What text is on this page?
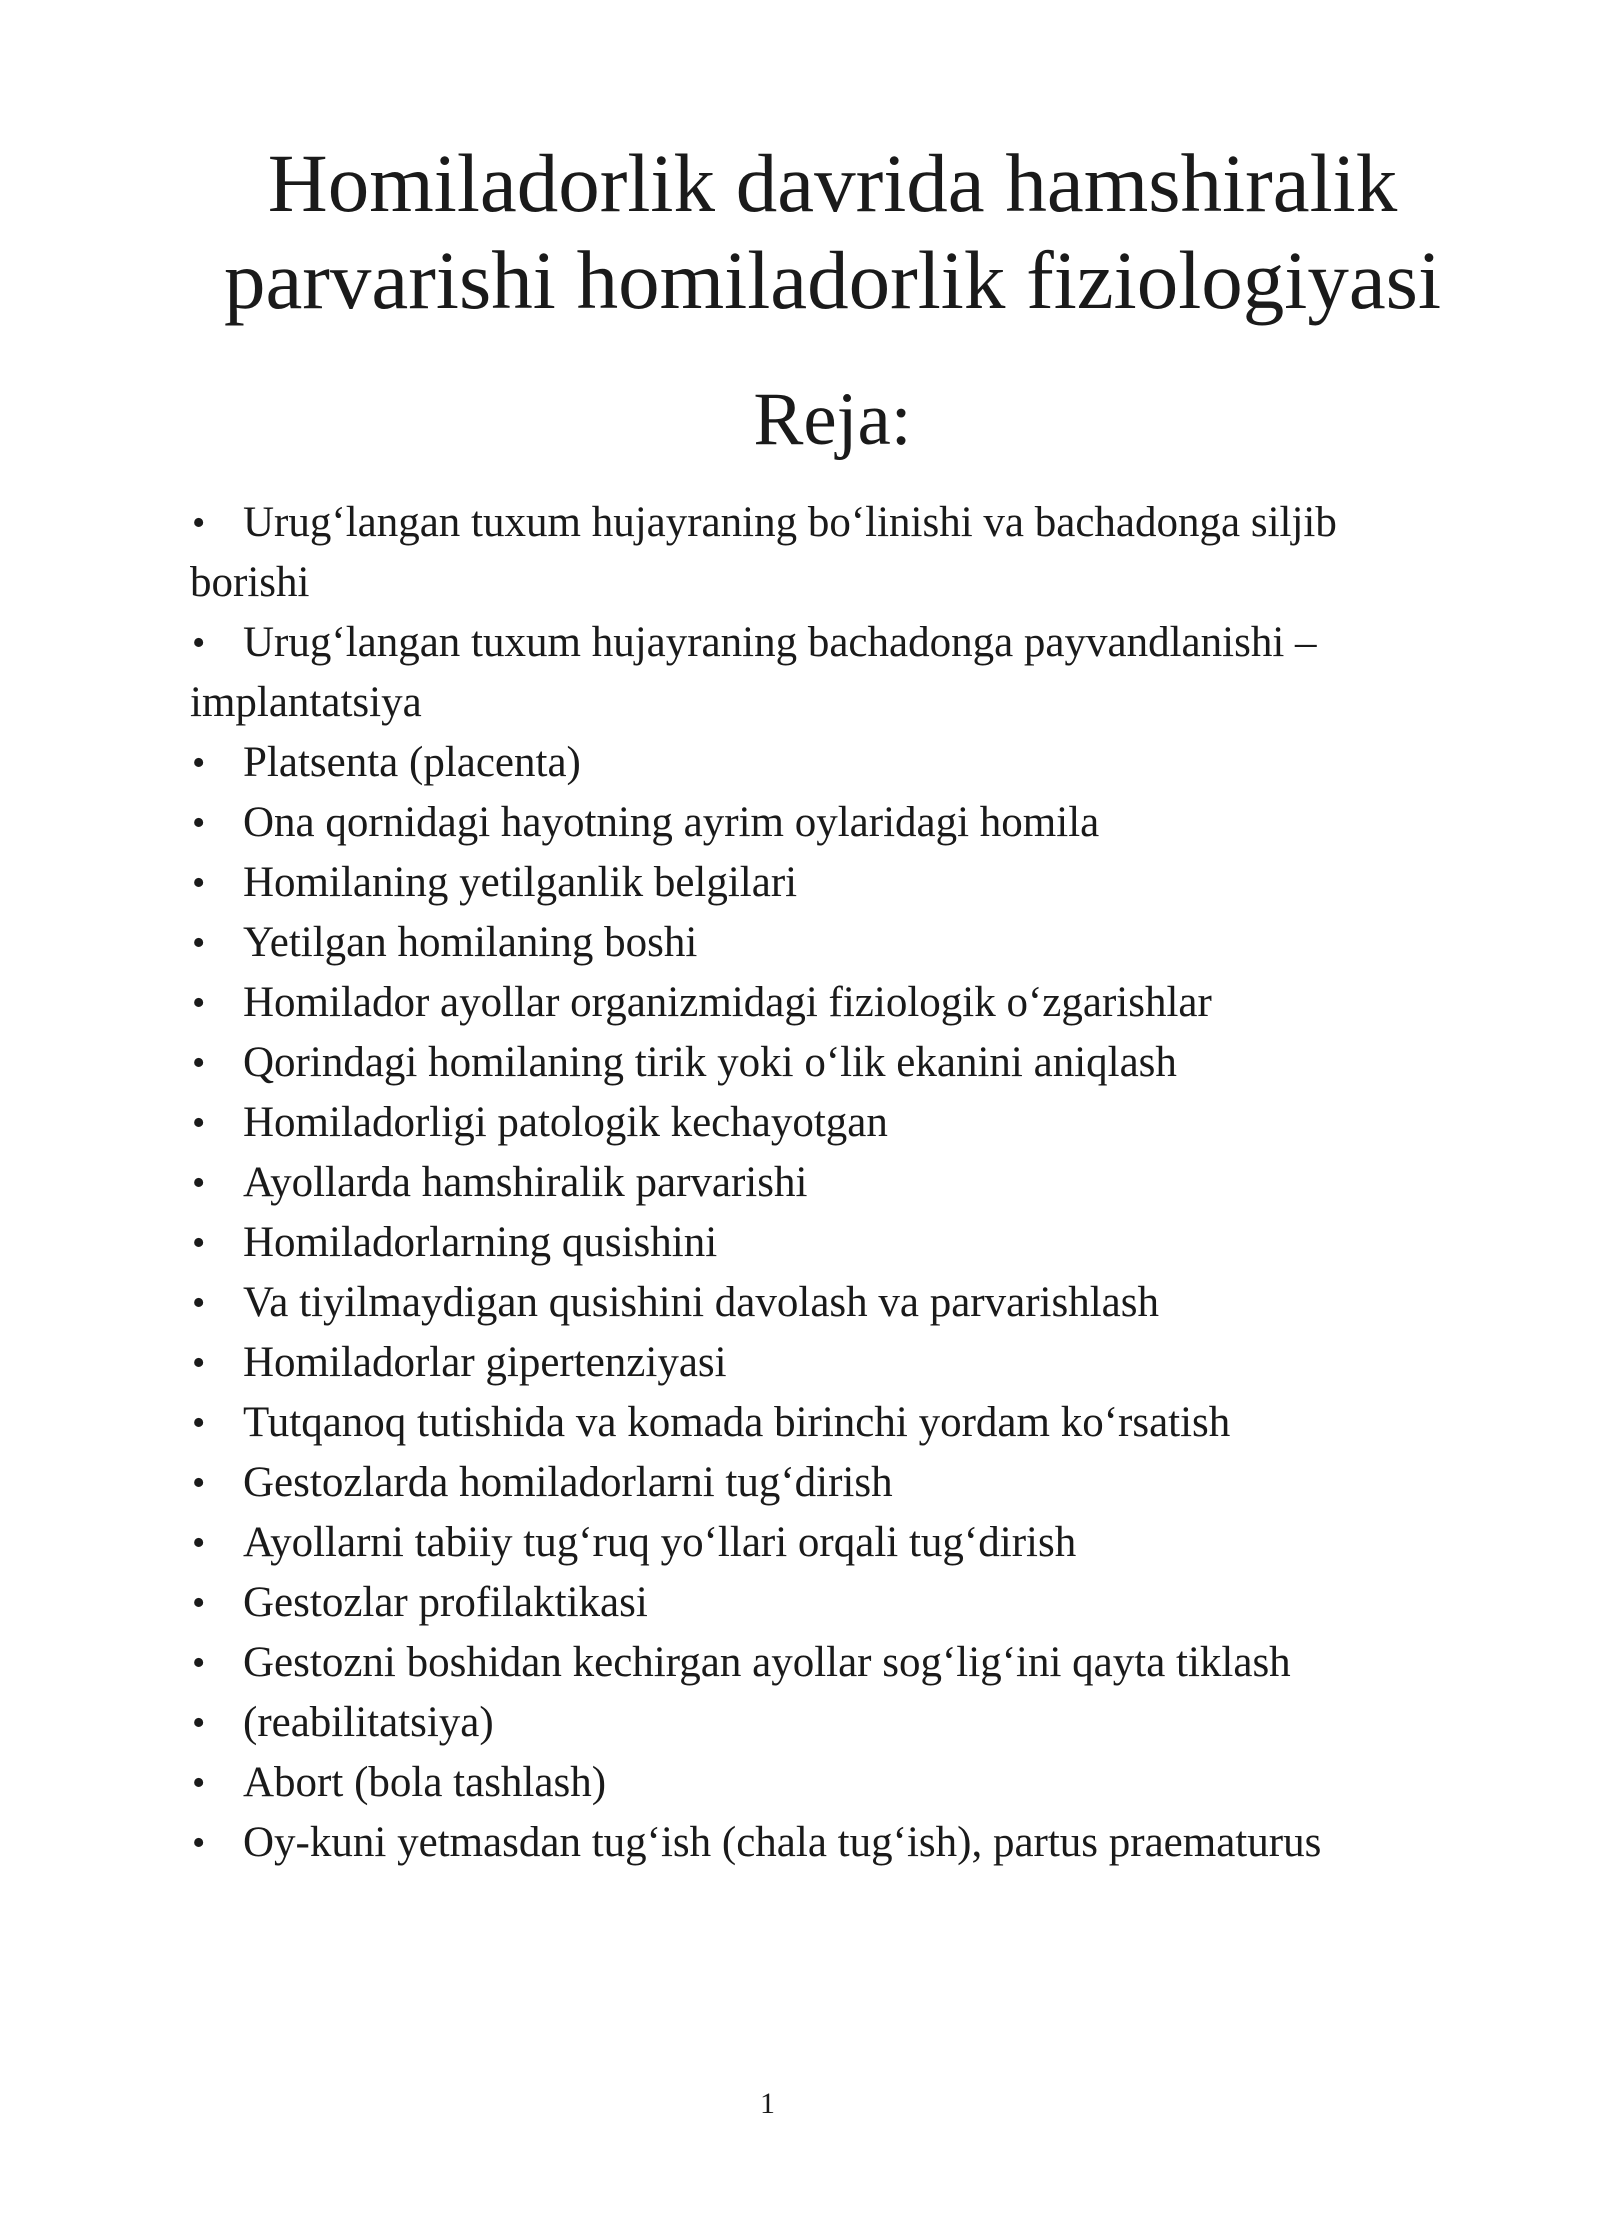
Homiladorlik davrida hamshiralik
parvarishi homiladorlik fiziologiyasi
Reja:
• Urug‘langan tuxum hujayraning bo‘linishi va bachadonga siljib
borishi
• Urug‘langan tuxum hujayraning bachadonga payvandlanishi –
implantatsiya
• Platsenta (placenta)
• Ona qornidagi hayotning ayrim oylaridagi homila
• Homilaning yetilganlik belgilari
• Yetilgan homilaning boshi
• Homilador ayollar organizmidagi fiziologik o‘zgarishlar
• Qorindagi homilaning tirik yoki o‘lik ekanini aniqlash
• Homiladorligi patologik kechayotgan
• Ayollarda hamshiralik parvarishi
• Homiladorlarning qusishini
• Va tiyilmaydigan qusishini davolash va parvarishlash
• Homiladorlar gipertenziyasi
• Tutqanoq tutishida va komada birinchi yordam ko‘rsatish
• Gestozlarda homiladorlarni tug‘dirish
• Ayollarni tabiiy tug‘ruq yo‘llari orqali tug‘dirish
• Gestozlar profilaktikasi
• Gestozni boshidan kechirgan ayollar sog‘lig‘ini qayta tiklash
• (reabilitatsiya)
• Abort (bola tashlash)
• Oy-kuni yetmasdan tug‘ish (chala tug‘ish), partus praematurus
1
